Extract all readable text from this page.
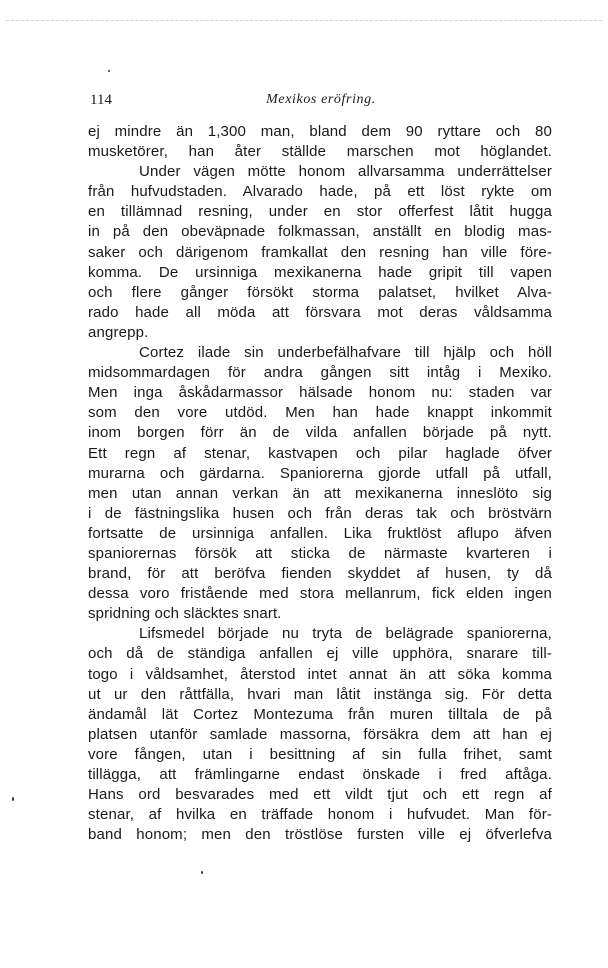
114	Mexikos eröfring.
ej mindre än 1,300 man, bland dem 90 ryttare och 80
musketörer, han åter ställde marschen mot höglandet.
Under vägen mötte honom allvarsamma underrättelser
från hufvudstaden. Alvarado hade, på ett löst rykte om
en tillämnad resning, under en stor offerfest låtit hugga
in på den obeväpnade folkmassan, anställt en blodig mas-
saker och därigenom framkallat den resning han ville före-
komma. De ursinniga mexikanerna hade gripit till vapen
och flere gånger försökt storma palatset, hvilket Alva-
rado hade all möda att försvara mot deras våldsamma
angrepp.
Cortez ilade sin underbefälhafvare till hjälp och höll
midsommardagen för andra gången sitt intåg i Mexiko.
Men inga åskådarmassor hälsade honom nu: staden var
som den vore utdöd. Men han hade knappt inkommit
inom borgen förr än de vilda anfallen började på nytt.
Ett regn af stenar, kastvapen och pilar haglade öfver
murarna och gärdarna. Spaniorerna gjorde utfall på utfall,
men utan annan verkan än att mexikanerna inneslöto sig
i de fästningslika husen och från deras tak och bröstvärn
fortsatte de ursinniga anfallen. Lika fruktlöst aflupo äfven
spaniorernas försök att sticka de närmaste kvarteren i
brand, för att beröfva fienden skyddet af husen, ty då
dessa voro fristående med stora mellanrum, fick elden ingen
spridning och släcktes snart.
Lifsmedel började nu tryta de belägrade spaniorerna,
och då de ständiga anfallen ej ville upphöra, snarare till-
togo i våldsamhet, återstod intet annat än att söka komma
ut ur den råttfälla, hvari man låtit instänga sig. För detta
ändamål lät Cortez Montezuma från muren tilltala de på
platsen utanför samlade massorna, försäkra dem att han ej
vore fången, utan i besittning af sin fulla frihet, samt
tillägga, att främlingarne endast önskade i fred aftåga.
Hans ord besvarades med ett vildt tjut och ett regn af
stenar, af hvilka en träffade honom i hufvudet. Man för-
band honom; men den tröstlöse fursten ville ej öfverlefva
